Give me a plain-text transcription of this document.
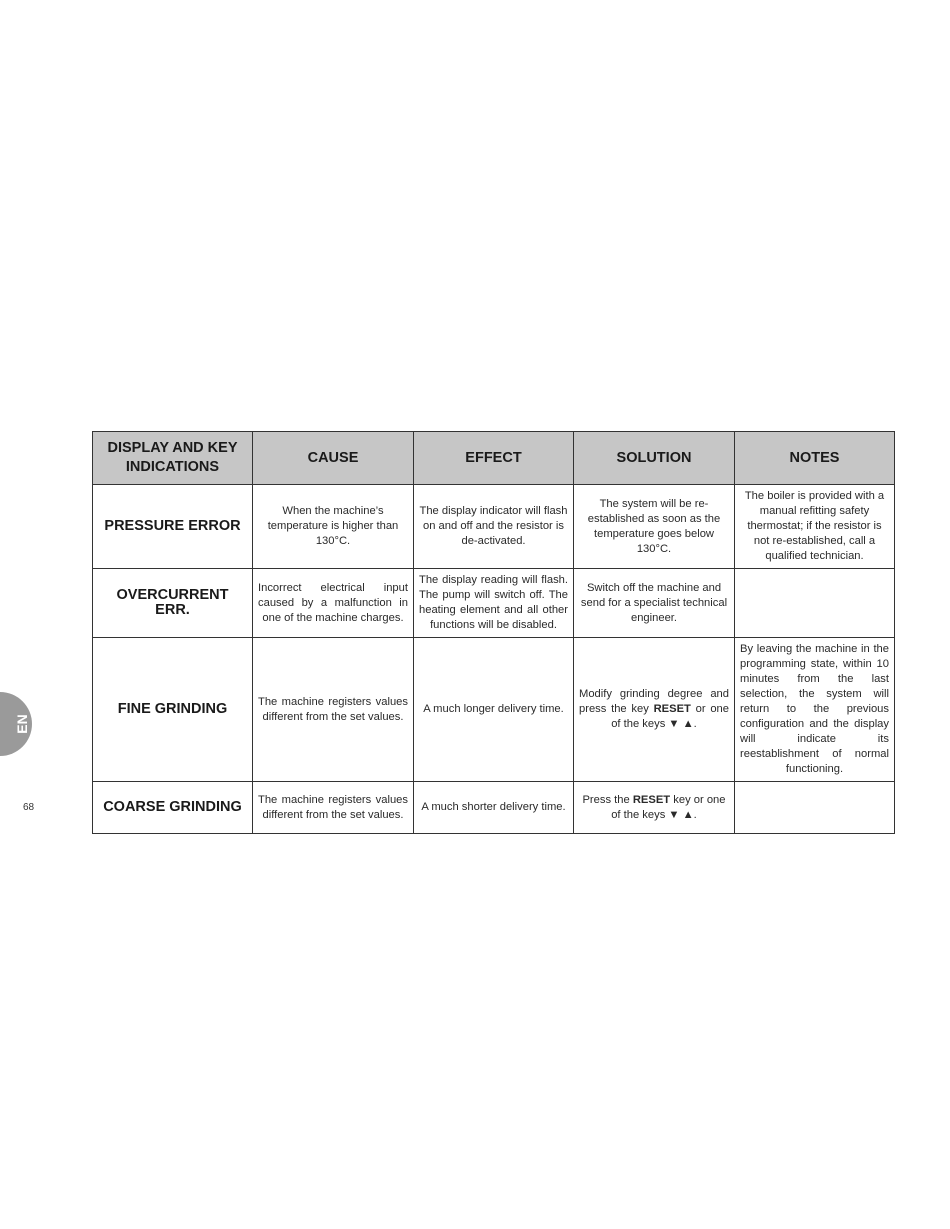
DISPLAY AND KEY INDICATIONS	CAUSE	EFFECT	SOLUTION	NOTES
PRESSURE ERROR	When the machine’s temperature is higher than 130°C.	The display indicator will flash on and off and the resistor is de-activated.	The system will be re-established as soon as the temperature goes below 130°C.	The boiler is provided with a manual refitting safety thermostat; if the resistor is not re-established, call a qualified technician.
OVERCURRENT ERR.	Incorrect electrical input caused by a malfunction in one of the machine charges.	The display reading will flash. The pump will switch off. The heating element and all other functions will be disabled.	Switch off the machine and send for a specialist technical engineer.	
FINE GRINDING	The machine registers values different from the set values.	A much longer delivery time.	Modify grinding degree and press the key RESET or one of the keys ▼ ▲.	By leaving the machine in the programming state, within 10 minutes from the last selection, the system will return to the previous configuration and the display will indicate its reestablishment of normal functioning.
COARSE GRINDING	The machine registers values different from the set values.	A much shorter delivery time.	Press the RESET key or one of the keys ▼ ▲.	
EN
68
